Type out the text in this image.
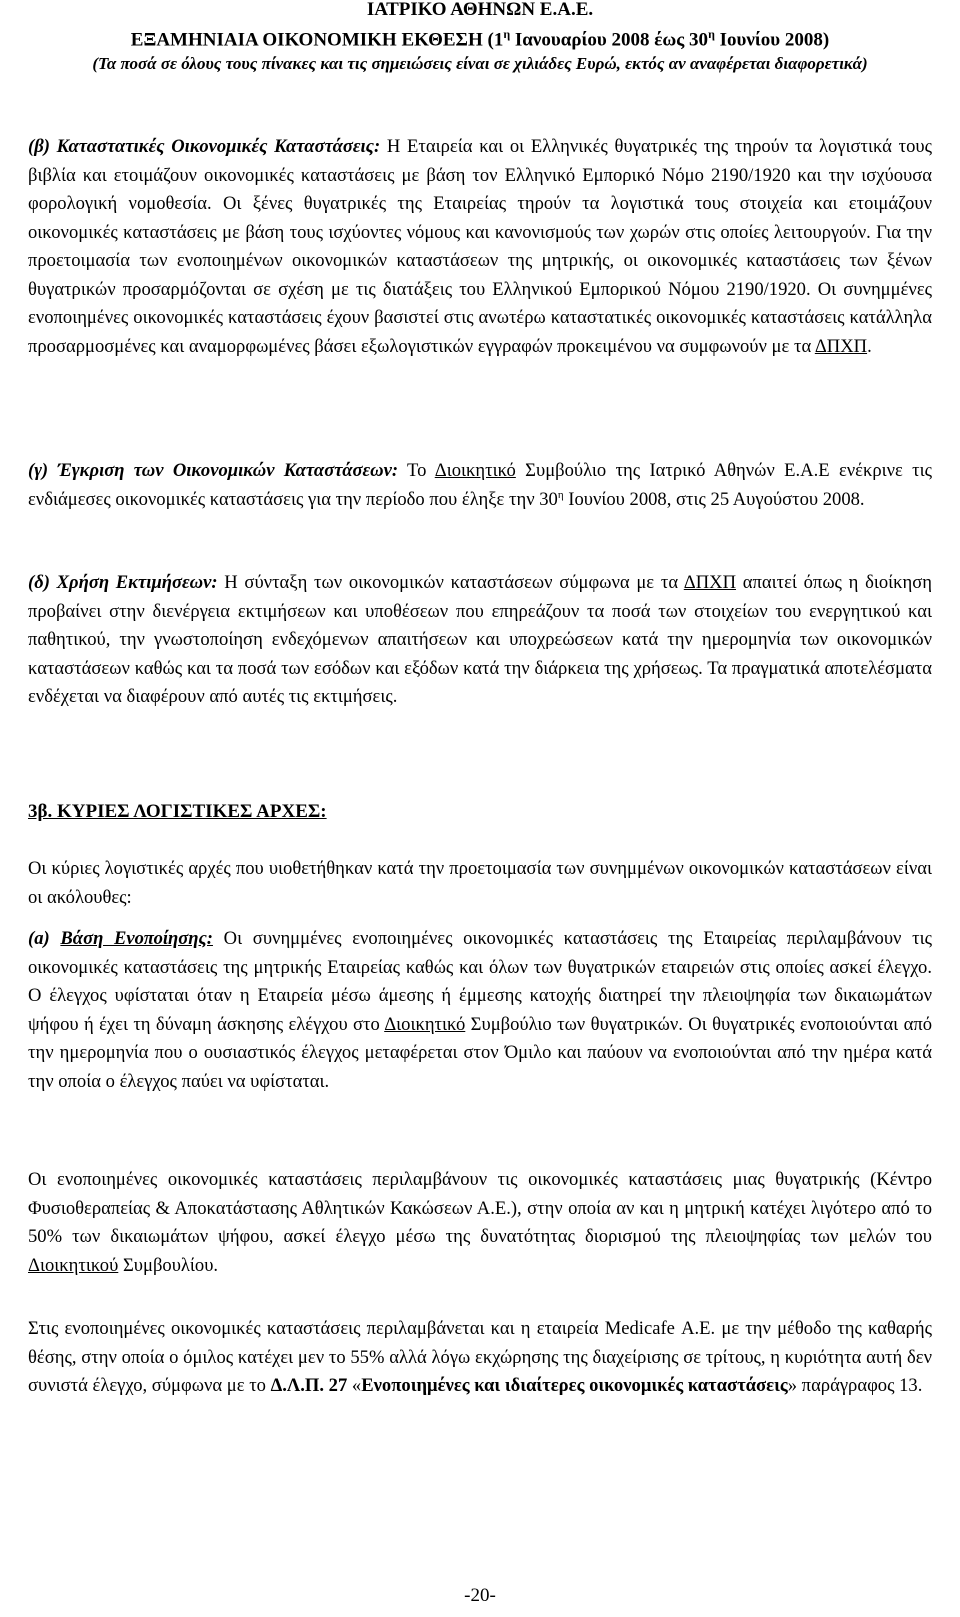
ΙΑΤΡΙΚΟ ΑΘΗΝΩΝ Ε.Α.Ε.
ΕΞΑΜΗΝΙΑΙΑ ΟΙΚΟΝΟΜΙΚΗ ΕΚΘΕΣΗ ($1^\eta$ Ιανουαρίου 2008 έως $30^\eta$ Ιουνίου 2008)
(Τα ποσά σε όλους τους πίνακες και τις σημειώσεις είναι σε χιλιάδες Ευρώ, εκτός αν αναφέρεται διαφορετικά)

(β) Καταστατικές Οικονομικές Καταστάσεις: Η Εταιρεία και οι Ελληνικές θυγατρικές της τηρούν τα λογιστικά τους βιβλία και ετοιμάζουν οικονομικές καταστάσεις με βάση τον Ελληνικό Εμπορικό Νόμο 2190/1920 και την ισχύουσα φορολογική νομοθεσία. Οι ξένες θυγατρικές της Εταιρείας τηρούν τα λογιστικά τους στοιχεία και ετοιμάζουν οικονομικές καταστάσεις με βάση τους ισχύοντες νόμους και κανονισμούς των χωρών στις οποίες λειτουργούν. Για την προετοιμασία των ενοποιημένων οικονομικών καταστάσεων της μητρικής, οι οικονομικές καταστάσεις των ξένων θυγατρικών προσαρμόζονται σε σχέση με τις διατάξεις του Ελληνικού Εμπορικού Νόμου 2190/1920. Οι συνημμένες ενοποιημένες οικονομικές καταστάσεις έχουν βασιστεί στις ανωτέρω καταστατικές οικονομικές καταστάσεις κατάλληλα προσαρμοσμένες και αναμορφωμένες βάσει εξωλογιστικών εγγραφών προκειμένου να συμφωνούν με τα ΔΠΧΠ.

(γ) Έγκριση των Οικονομικών Καταστάσεων: Το Διοικητικό Συμβούλιο της Ιατρικό Αθηνών Ε.Α.Ε ενέκρινε τις ενδιάμεσες οικονομικές καταστάσεις για την περίοδο που έληξε την $30^\eta$ Ιουνίου 2008, στις 25 Αυγούστου 2008.

(δ) Χρήση Εκτιμήσεων: Η σύνταξη των οικονομικών καταστάσεων σύμφωνα με τα ΔΠΧΠ απαιτεί όπως η διοίκηση προβαίνει στην διενέργεια εκτιμήσεων και υποθέσεων που επηρεάζουν τα ποσά των στοιχείων του ενεργητικού και παθητικού, την γνωστοποίηση ενδεχόμενων απαιτήσεων και υποχρεώσεων κατά την ημερομηνία των οικονομικών καταστάσεων καθώς και τα ποσά των εσόδων και εξόδων κατά την διάρκεια της χρήσεως. Τα πραγματικά αποτελέσματα ενδέχεται να διαφέρουν από αυτές τις εκτιμήσεις.

3β. ΚΥΡΙΕΣ ΛΟΓΙΣΤΙΚΕΣ ΑΡΧΕΣ:

Οι κύριες λογιστικές αρχές που υιοθετήθηκαν κατά την προετοιμασία των συνημμένων οικονομικών καταστάσεων είναι οι ακόλουθες:

(a) Βάση Ενοποίησης: Οι συνημμένες ενοποιημένες οικονομικές καταστάσεις της Εταιρείας περιλαμβάνουν τις οικονομικές καταστάσεις της μητρικής Εταιρείας καθώς και όλων των θυγατρικών εταιρειών στις οποίες ασκεί έλεγχο. Ο έλεγχος υφίσταται όταν η Εταιρεία μέσω άμεσης ή έμμεσης κατοχής διατηρεί την πλειοψηφία των δικαιωμάτων ψήφου ή έχει τη δύναμη άσκησης ελέγχου στο Διοικητικό Συμβούλιο των θυγατρικών. Οι θυγατρικές ενοποιούνται από την ημερομηνία που ο ουσιαστικός έλεγχος μεταφέρεται στον Όμιλο και παύουν να ενοποιούνται από την ημέρα κατά την οποία ο έλεγχος παύει να υφίσταται.

Οι ενοποιημένες οικονομικές καταστάσεις περιλαμβάνουν τις οικονομικές καταστάσεις μιας θυγατρικής (Κέντρο Φυσιοθεραπείας & Αποκατάστασης Αθλητικών Κακώσεων Α.Ε.), στην οποία αν και η μητρική κατέχει λιγότερο από το 50% των δικαιωμάτων ψήφου, ασκεί έλεγχο μέσω της δυνατότητας διορισμού της πλειοψηφίας των μελών του Διοικητικού Συμβουλίου.

Στις ενοποιημένες οικονομικές καταστάσεις περιλαμβάνεται και η εταιρεία Medicafe Α.Ε. με την μέθοδο της καθαρής θέσης, στην οποία ο όμιλος κατέχει μεν το 55% αλλά λόγω εκχώρησης της διαχείρισης σε τρίτους, η κυριότητα αυτή δεν συνιστά έλεγχο, σύμφωνα με το Δ.Λ.Π. 27 «Ενοποιημένες και ιδιαίτερες οικονομικές καταστάσεις» παράγραφος 13.

-20-
